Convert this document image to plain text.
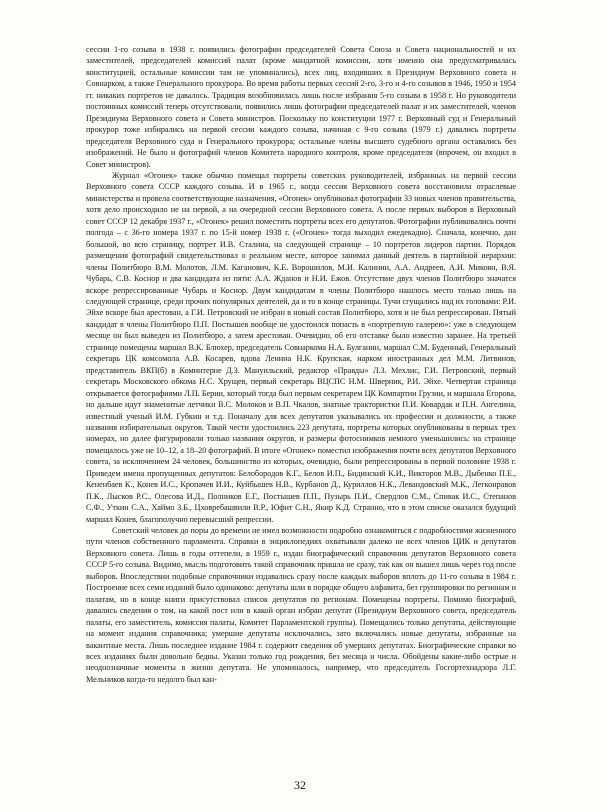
сессии 1-го созыва в 1938 г. появились фотографии председателей Совета Союза и Совета национальностей и их заместителей, председателей комиссий палат (кроме мандатной комиссии, хотя именно она предусматривалась конституцией, остальные комиссии там не упоминались), всех лиц, входивших в Президиум Верховного совета и Совнарком, а также Генерального прокурора. Во время работы первых сессий 2-го, 3-го и 4-го созывов в 1946, 1950 и 1954 гг. никаких портретов не давалось. Традиция возобновилась лишь после избрания 5-го созыва в 1958 г. Но руководители постоянных комиссий теперь отсутствовали, появились лишь фотографии председателей палат и их заместителей, членов Президиума Верховного совета и Совета министров. Поскольку по конституции 1977 г. Верховный суд и Генеральный прокурор тоже избирались на первой сессии каждого созыва, начиная с 9-го созыва (1979 г.) давались портреты председателя Верховного суда и Генерального прокурора; остальные члены высшего судебного органа оставались без изображений. Не было и фотографий членов Комитета народного контроля, кроме председателя (впрочем, он входил в Совет министров).

Журнал «Огонек» также обычно помещал портреты советских руководителей, избранных на первой сессии Верховного совета СССР каждого созыва. И в 1965 г., когда сессия Верховного совета восстановила отраслевые министерства и провела соответствующие назначения, «Огонек» опубликовал фотографии 33 новых членов правительства, хотя дело происходило не на первой, а на очередной сессии Верховного совета. А после первых выборов в Верховный совет СССР 12 декабря 1937 г., «Огонек» решил поместить портреты всех его депутатов. Фотографии публиковались почти полгода – с 36-го номера 1937 г. по 15-й номер 1938 г. («Огонек» тогда выходил ежедекадно). Сначала, конечно, дан большой, во всю страницу, портрет И.В. Сталина, на следующей странице – 10 портретов лидеров партии. Порядок размещения фотографий свидетельствовал о реальном месте, которое занимал данный деятель в партийной иерархии: члены Политбюро В.М. Молотов, Л.М. Каганович, К.Е. Ворошилов, М.И. Калинин, А.А. Андреев, А.И. Микоян, В.Я. Чубарь, С.В. Коснор и два кандидата из пяти: А.А. Жданов и Н.И. Ежов. Отсутствие двух членов Политбюро значатся вскоре репрессированные Чубарь и Косиор. Двум кандидатам в члены Политбюро нашлось место только лишь на следующей странице, среди прочих популярных деятелей, да и то в конце страницы. Тучи сгущались над их головами: Р.И. Эйхе вскоре был арестован, а Г.И. Петровский не избран в новый состав Политбюро, хотя и не был репрессирован. Пятый кандидат в члены Политбюро П.П. Постышев вообще не удостоился попасть в «портретную галерею»: уже в следующем месяце он был выведен из Политбюро, а затем арестован. Очевидно, об его отставке было известно заранее. На третьей странице помещены маршал В.К. Блюхер, председатель Совнаркома Н.А. Булганин, маршал С.М. Буденный, Генеральный секретарь ЦК комсомола А.В. Косарев, вдова Ленина Н.К. Крупская, нарком иностранных дел М.М. Литвинов, представитель ВКП(б) в Коминтерне Д.З. Мануильский, редактор «Правды» Л.З. Мехлис, Г.И. Петровский, первый секретарь Московского обкома Н.С. Хрущев, первый секретарь ВЦСПС Н.М. Шверник, Р.И. Эйхе. Четвертая страница открывается фотографиями Л.П. Берии, который тогда был первым секретарем ЦК Компартии Грузии, и маршала Егорова, но дальше идут знаменитые летчики В.С. Молоков и В.П. Чкалов, знатные трактористки П.И. Ковардак и П.Н. Ангелина, известный ученый И.М. Губкин и т.д. Поначалу для всех депутатов указывались их профессии и должности, а также названия избирательных округов. Такой чести удостоились 223 депутата, портреты которых опубликованы в первых трех номерах, но далее фигурировали только названия округов, и размеры фотоснимков немного уменьшились: на странице помещалось уже не 10–12, а 18–20 фотографий. В итоге «Огонек» поместил изображения почти всех депутатов Верховного совета, за исключением 24 человек, большинство из которых, очевидно, были репрессированы в первой половине 1938 г. Приведем имена пропущенных депутатов: Белобородов К.Г., Белов И.П., Бидинский К.И., Викторов М.В., Дыбенко П.Е., Кененбаев К., Конев И.С., Кропачев И.И., Куйбышев Н.В., Курбанов Д., Куриллов Н.К., Левандовский М.К., Легконравов П.К., Лысков Р.С., Олесова И.Д., Полников Е.Г., Постышев П.П., Пузырь П.И., Свердлов С.М., Спивак И.С., Степанов С.Ф., Уткин С.А., Хаймо З.Б., Цховребашвили В.Р., Юфит С.Н., Якир К.Д. Странно, что в этом списке оказался будущий маршал Конев, благополучно перевысший репрессии.

Советский человек до поры до времени не имел возможности подробно ознакомиться с подробностями жизненного пути членов собственного парламента. Справки в энциклопедиях охватывали далеко не всех членов ЦИК и депутатов Верховного совета. Лишь в годы оттепели, в 1959 г., издан биографический справочник депутатов Верховного совета СССР 5-го созыва. Видимо, мысль подготовить такой справочник пришла не сразу, так как он вышел лишь через год после выборов. Впоследствии подобные справочники издавались сразу после каждых выборов вплоть до 11-го созыва в 1984 г. Построение всех семи изданий было одинаково: депутаты шли в порядке общего алфавита, без группировки по регионам и палатам, но в конце книги присутствовал список депутатов по регионам. Помещены портреты. Помимо биографий, давались сведения о том, на какой пост или в какой орган избран депутат (Президиум Верховного совета, председатель палаты, его заместитель, комиссия палаты, Комитет Парламентской группы). Помещались только депутаты, действующие на момент издания справочника; умершие депутаты исключались, зато включались новые депутаты, избранные на вакантные места. Лишь последнее издание 1984 г. содержит сведения об умерших депутатах. Биографические справки во всех изданиях были довольно бедны. Указан только год рождения, без месяца и числа. Обойдены какие-либо острые и неоднозначные моменты в жизни депутата. Не упоминалось, например, что председатель Госгортехнадзора Л.Г. Мельников когда-то недолго был кан-

32
